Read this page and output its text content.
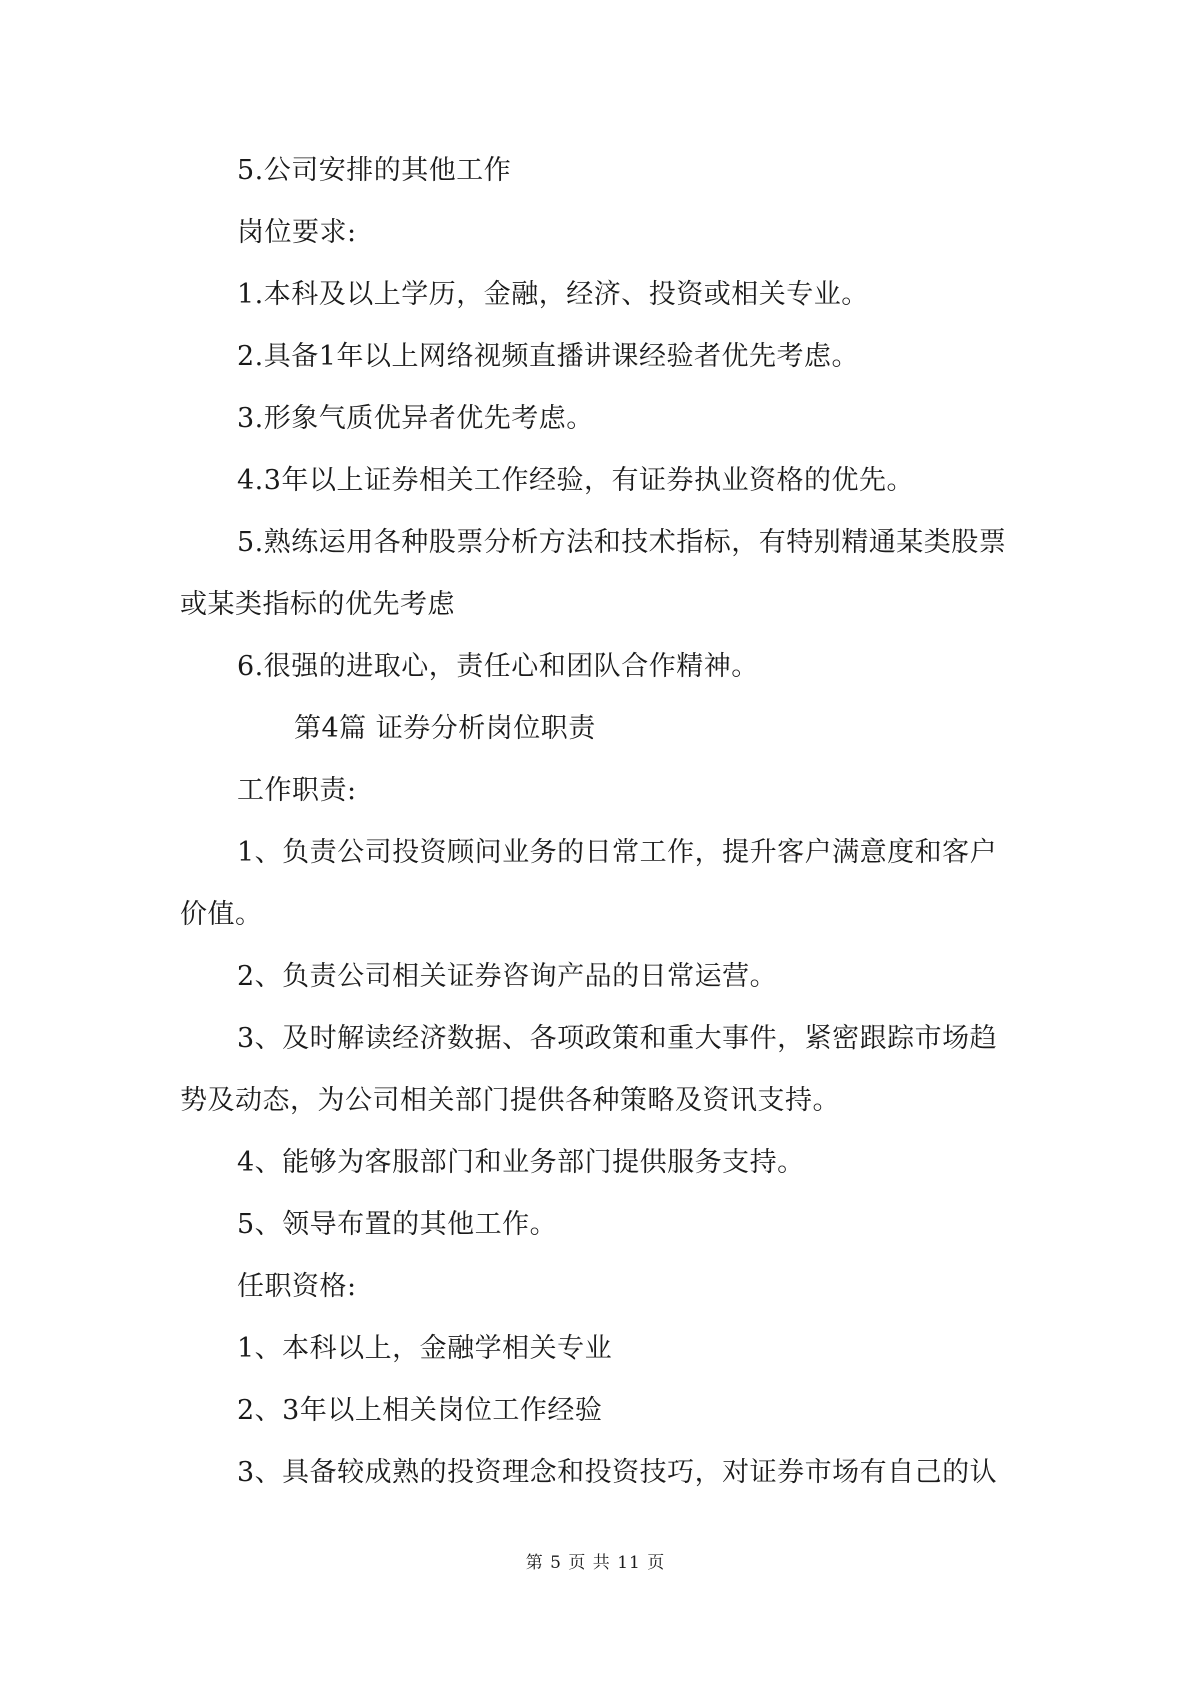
5.公司安排的其他工作
岗位要求:
1.本科及以上学历，金融，经济、投资或相关专业。
2.具备1年以上网络视频直播讲课经验者优先考虑。
3.形象气质优异者优先考虑。
4.3年以上证券相关工作经验，有证券执业资格的优先。
5.熟练运用各种股票分析方法和技术指标，有特别精通某类股票
或某类指标的优先考虑
6.很强的进取心，责任心和团队合作精神。
第4篇 证券分析岗位职责
工作职责:
1、负责公司投资顾问业务的日常工作，提升客户满意度和客户
价值。
2、负责公司相关证券咨询产品的日常运营。
3、及时解读经济数据、各项政策和重大事件，紧密跟踪市场趋
势及动态，为公司相关部门提供各种策略及资讯支持。
4、能够为客服部门和业务部门提供服务支持。
5、领导布置的其他工作。
任职资格:
1、本科以上，金融学相关专业
2、3年以上相关岗位工作经验
3、具备较成熟的投资理念和投资技巧，对证券市场有自己的认
第 5 页 共 11 页
